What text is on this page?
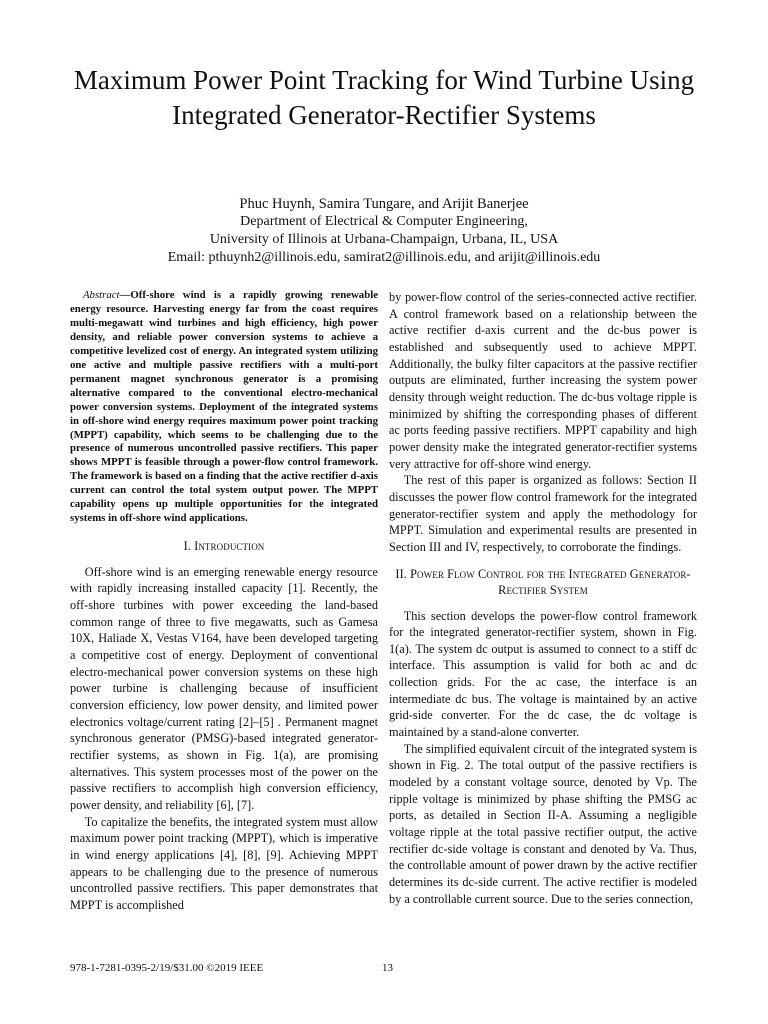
Maximum Power Point Tracking for Wind Turbine Using Integrated Generator-Rectifier Systems
Phuc Huynh, Samira Tungare, and Arijit Banerjee
Department of Electrical & Computer Engineering,
University of Illinois at Urbana-Champaign, Urbana, IL, USA
Email: pthuynh2@illinois.edu, samirat2@illinois.edu, and arijit@illinois.edu

Abstract—Off-shore wind is a rapidly growing renewable energy resource. Harvesting energy far from the coast requires multi-megawatt wind turbines and high efficiency, high power density, and reliable power conversion systems to achieve a competitive levelized cost of energy. An integrated system utilizing one active and multiple passive rectifiers with a multi-port permanent magnet synchronous generator is a promising alternative compared to the conventional electro-mechanical power conversion systems. Deployment of the integrated systems in off-shore wind energy requires maximum power point tracking (MPPT) capability, which seems to be challenging due to the presence of numerous uncontrolled passive rectifiers. This paper shows MPPT is feasible through a power-flow control framework. The framework is based on a finding that the active rectifier d-axis current can control the total system output power. The MPPT capability opens up multiple opportunities for the integrated systems in off-shore wind applications.

I. Introduction

Off-shore wind is an emerging renewable energy resource with rapidly increasing installed capacity [1]. Recently, the off-shore turbines with power exceeding the land-based common range of three to five megawatts, such as Gamesa 10X, Haliade X, Vestas V164, have been developed targeting a competitive cost of energy. Deployment of conventional electro-mechanical power conversion systems on these high power turbine is challenging because of insufficient conversion efficiency, low power density, and limited power electronics voltage/current rating [2]–[5] . Permanent magnet synchronous generator (PMSG)-based integrated generator-rectifier systems, as shown in Fig. 1(a), are promising alternatives. This system processes most of the power on the passive rectifiers to accomplish high conversion efficiency, power density, and reliability [6], [7].

To capitalize the benefits, the integrated system must allow maximum power point tracking (MPPT), which is imperative in wind energy applications [4], [8], [9]. Achieving MPPT appears to be challenging due to the presence of numerous uncontrolled passive rectifiers. This paper demonstrates that MPPT is accomplished

by power-flow control of the series-connected active rectifier. A control framework based on a relationship between the active rectifier d-axis current and the dc-bus power is established and subsequently used to achieve MPPT. Additionally, the bulky filter capacitors at the passive rectifier outputs are eliminated, further increasing the system power density through weight reduction. The dc-bus voltage ripple is minimized by shifting the corresponding phases of different ac ports feeding passive rectifiers. MPPT capability and high power density make the integrated generator-rectifier systems very attractive for off-shore wind energy.

The rest of this paper is organized as follows: Section II discusses the power flow control framework for the integrated generator-rectifier system and apply the methodology for MPPT. Simulation and experimental results are presented in Section III and IV, respectively, to corroborate the findings.

II. Power Flow Control for the Integrated Generator-Rectifier System

This section develops the power-flow control framework for the integrated generator-rectifier system, shown in Fig. 1(a). The system dc output is assumed to connect to a stiff dc interface. This assumption is valid for both ac and dc collection grids. For the ac case, the interface is an intermediate dc bus. The voltage is maintained by an active grid-side converter. For the dc case, the dc voltage is maintained by a stand-alone converter.

The simplified equivalent circuit of the integrated system is shown in Fig. 2. The total output of the passive rectifiers is modeled by a constant voltage source, denoted by Vp. The ripple voltage is minimized by phase shifting the PMSG ac ports, as detailed in Section II-A. Assuming a negligible voltage ripple at the total passive rectifier output, the active rectifier dc-side voltage is constant and denoted by Va. Thus, the controllable amount of power drawn by the active rectifier determines its dc-side current. The active rectifier is modeled by a controllable current source. Due to the series connection,

978-1-7281-0395-2/19/$31.00 ©2019 IEEE	13
